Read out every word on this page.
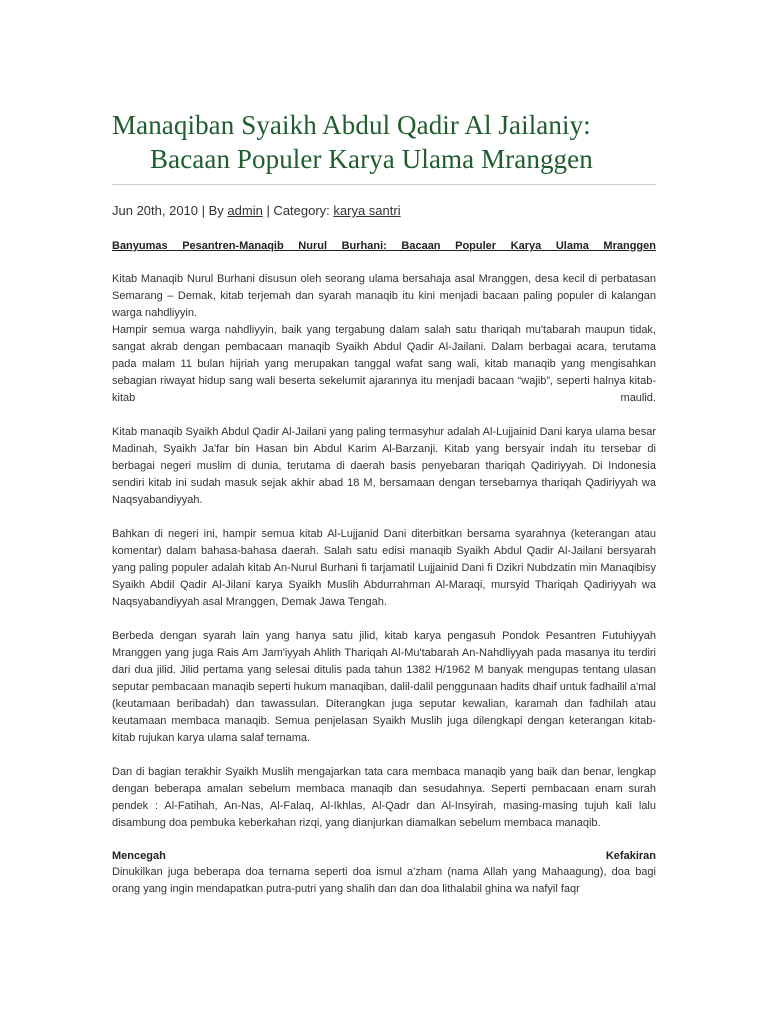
Manaqiban Syaikh Abdul Qadir Al Jailaniy:
Bacaan Populer Karya Ulama Mranggen
Jun 20th, 2010 | By admin | Category: karya santri
Banyumas Pesantren-Manaqib Nurul Burhani: Bacaan Populer Karya Ulama Mranggen

Kitab Manaqib Nurul Burhani disusun oleh seorang ulama bersahaja asal Mranggen, desa kecil di perbatasan Semarang – Demak, kitab terjemah dan syarah manaqib itu kini menjadi bacaan paling populer di kalangan warga nahdliyyin.

Hampir semua warga nahdliyyin, baik yang tergabung dalam salah satu thariqah mu'tabarah maupun tidak, sangat akrab dengan pembacaan manaqib Syaikh Abdul Qadir Al-Jailani. Dalam berbagai acara, terutama pada malam 11 bulan hijriah yang merupakan tanggal wafat sang wali, kitab manaqib yang mengisahkan sebagian riwayat hidup sang wali beserta sekelumit ajarannya itu menjadi bacaan “wajib”, seperti halnya kitab-kitab maulid.

Kitab manaqib Syaikh Abdul Qadir Al-Jailani yang paling termasyhur adalah Al-Lujjainid Dani karya ulama besar Madinah, Syaikh Ja'far bin Hasan bin Abdul Karim Al-Barzanji. Kitab yang bersyair indah itu tersebar di berbagai negeri muslim di dunia, terutama di daerah basis penyebaran thariqah Qadiriyyah. Di Indonesia sendiri kitab ini sudah masuk sejak akhir abad 18 M, bersamaan dengan tersebarnya thariqah Qadiriyyah wa Naqsyabandiyyah.

Bahkan di negeri ini, hampir semua kitab Al-Lujjanid Dani diterbitkan bersama syarahnya (keterangan atau komentar) dalam bahasa-bahasa daerah. Salah satu edisi manaqib Syaikh Abdul Qadir Al-Jailani bersyarah yang paling populer adalah kitab An-Nurul Burhani fi tarjamatil Lujjainid Dani fi Dzikri Nubdzatin min Manaqibisy Syaikh Abdil Qadir Al-Jilani karya Syaikh Muslih Abdurrahman Al-Maraqi, mursyid Thariqah Qadiriyyah wa Naqsyabandiyyah asal Mranggen, Demak Jawa Tengah.

Berbeda dengan syarah lain yang hanya satu jilid, kitab karya pengasuh Pondok Pesantren Futuhiyyah Mranggen yang juga Rais Am Jam'iyyah Ahlith Thariqah Al-Mu'tabarah An-Nahdliyyah pada masanya itu terdiri dari dua jilid. Jilid pertama yang selesai ditulis pada tahun 1382 H/1962 M banyak mengupas tentang ulasan seputar pembacaan manaqib seperti hukum manaqiban, dalil-dalil penggunaan hadits dhaif untuk fadhailil a'mal (keutamaan beribadah) dan tawassulan. Diterangkan juga seputar kewalian, karamah dan fadhilah atau keutamaan membaca manaqib. Semua penjelasan Syaikh Muslih juga dilengkapi dengan keterangan kitab-kitab rujukan karya ulama salaf ternama.

Dan di bagian terakhir Syaikh Muslih mengajarkan tata cara membaca manaqib yang baik dan benar, lengkap dengan beberapa amalan sebelum membaca manaqib dan sesudahnya. Seperti pembacaan enam surah pendek : Al-Fatihah, An-Nas, Al-Falaq, Al-Ikhlas, Al-Qadr dan Al-Insyirah, masing-masing tujuh kali lalu disambung doa pembuka keberkahan rizqi, yang dianjurkan diamalkan sebelum membaca manaqib.

Mencegah	Kefakiran

Dinukilkan juga beberapa doa ternama seperti doa ismul a'zham (nama Allah yang Mahaagung), doa bagi orang yang ingin mendapatkan putra-putri yang shalih dan dan doa lithalabil ghina wa nafyil faqr
